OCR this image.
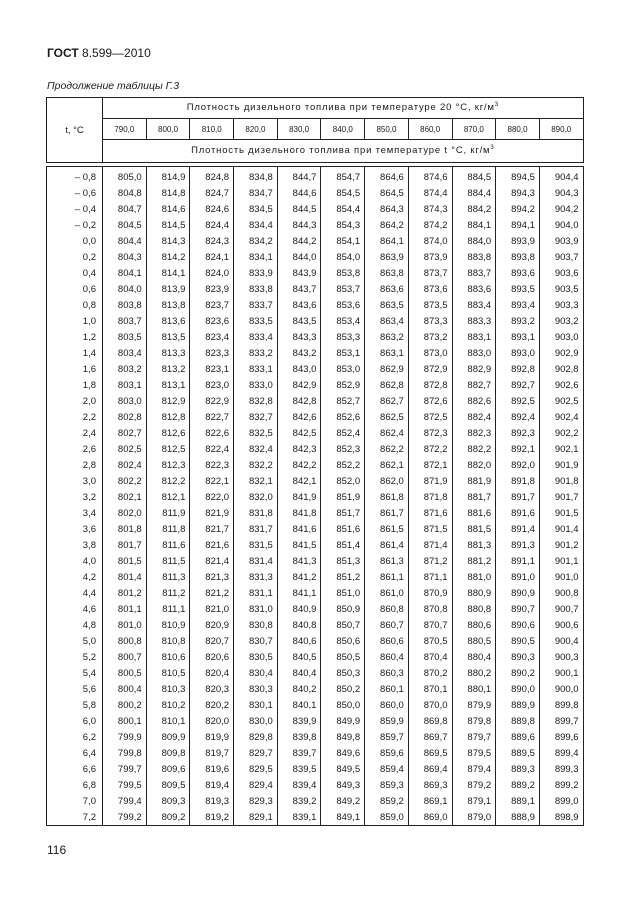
ГОСТ 8.599—2010
Продолжение таблицы Г.3
t, °С	Плотность дизельного топлива при температуре 20 °С, $кг/м^3$
	790,0	800,0	810,0	820,0	830,0	840,0	850,0	860,0	870,0	880,0	890,0
	Плотность дизельного топлива при температуре t °С, $кг/м^3$

– 0,8	805,0	814,9	824,8	834,8	844,7	854,7	864,6	874,6	884,5	894,5	904,4
– 0,6	804,8	814,8	824,7	834,7	844,6	854,5	864,5	874,4	884,4	894,3	904,3
– 0,4	804,7	814,6	824,6	834,5	844,5	854,4	864,3	874,3	884,2	894,2	904,2
– 0,2	804,5	814,5	824,4	834,4	844,3	854,3	864,2	874,2	884,1	894,1	904,0
0,0	804,4	814,3	824,3	834,2	844,2	854,1	864,1	874,0	884,0	893,9	903,9
0,2	804,3	814,2	824,1	834,1	844,0	854,0	863,9	873,9	883,8	893,8	903,7
0,4	804,1	814,1	824,0	833,9	843,9	853,8	863,8	873,7	883,7	893,6	903,6
0,6	804,0	813,9	823,9	833,8	843,7	853,7	863,6	873,6	883,6	893,5	903,5
0,8	803,8	813,8	823,7	833,7	843,6	853,6	863,5	873,5	883,4	893,4	903,3
1,0	803,7	813,6	823,6	833,5	843,5	853,4	863,4	873,3	883,3	893,2	903,2
1,2	803,5	813,5	823,4	833,4	843,3	853,3	863,2	873,2	883,1	893,1	903,0
1,4	803,4	813,3	823,3	833,2	843,2	853,1	863,1	873,0	883,0	893,0	902,9
1,6	803,2	813,2	823,1	833,1	843,0	853,0	862,9	872,9	882,9	892,8	902,8
1,8	803,1	813,1	823,0	833,0	842,9	852,9	862,8	872,8	882,7	892,7	902,6
2,0	803,0	812,9	822,9	832,8	842,8	852,7	862,7	872,6	882,6	892,5	902,5
2,2	802,8	812,8	822,7	832,7	842,6	852,6	862,5	872,5	882,4	892,4	902,4
2,4	802,7	812,6	822,6	832,5	842,5	852,4	862,4	872,3	882,3	892,3	902,2
2,6	802,5	812,5	822,4	832,4	842,3	852,3	862,2	872,2	882,2	892,1	902,1
2,8	802,4	812,3	822,3	832,2	842,2	852,2	862,1	872,1	882,0	892,0	901,9
3,0	802,2	812,2	822,1	832,1	842,1	852,0	862,0	871,9	881,9	891,8	901,8
3,2	802,1	812,1	822,0	832,0	841,9	851,9	861,8	871,8	881,7	891,7	901,7
3,4	802,0	811,9	821,9	831,8	841,8	851,7	861,7	871,6	881,6	891,6	901,5
3,6	801,8	811,8	821,7	831,7	841,6	851,6	861,5	871,5	881,5	891,4	901,4
3,8	801,7	811,6	821,6	831,5	841,5	851,4	861,4	871,4	881,3	891,3	901,2
4,0	801,5	811,5	821,4	831,4	841,3	851,3	861,3	871,2	881,2	891,1	901,1
4,2	801,4	811,3	821,3	831,3	841,2	851,2	861,1	871,1	881,0	891,0	901,0
4,4	801,2	811,2	821,2	831,1	841,1	851,0	861,0	870,9	880,9	890,9	900,8
4,6	801,1	811,1	821,0	831,0	840,9	850,9	860,8	870,8	880,8	890,7	900,7
4,8	801,0	810,9	820,9	830,8	840,8	850,7	860,7	870,7	880,6	890,6	900,6
5,0	800,8	810,8	820,7	830,7	840,6	850,6	860,6	870,5	880,5	890,5	900,4
5,2	800,7	810,6	820,6	830,5	840,5	850,5	860,4	870,4	880,4	890,3	900,3
5,4	800,5	810,5	820,4	830,4	840,4	850,3	860,3	870,2	880,2	890,2	900,1
5,6	800,4	810,3	820,3	830,3	840,2	850,2	860,1	870,1	880,1	890,0	900,0
5,8	800,2	810,2	820,2	830,1	840,1	850,0	860,0	870,0	879,9	889,9	899,8
6,0	800,1	810,1	820,0	830,0	839,9	849,9	859,9	869,8	879,8	889,8	899,7
6,2	799,9	809,9	819,9	829,8	839,8	849,8	859,7	869,7	879,7	889,6	899,6
6,4	799,8	809,8	819,7	829,7	839,7	849,6	859,6	869,5	879,5	889,5	899,4
6,6	799,7	809,6	819,6	829,5	839,5	849,5	859,4	869,4	879,4	889,3	899,3
6,8	799,5	809,5	819,4	829,4	839,4	849,3	859,3	869,3	879,2	889,2	899,2
7,0	799,4	809,3	819,3	829,3	839,2	849,2	859,2	869,1	879,1	889,1	899,0
7,2	799,2	809,2	819,2	829,1	839,1	849,1	859,0	869,0	879,0	888,9	898,9
116
